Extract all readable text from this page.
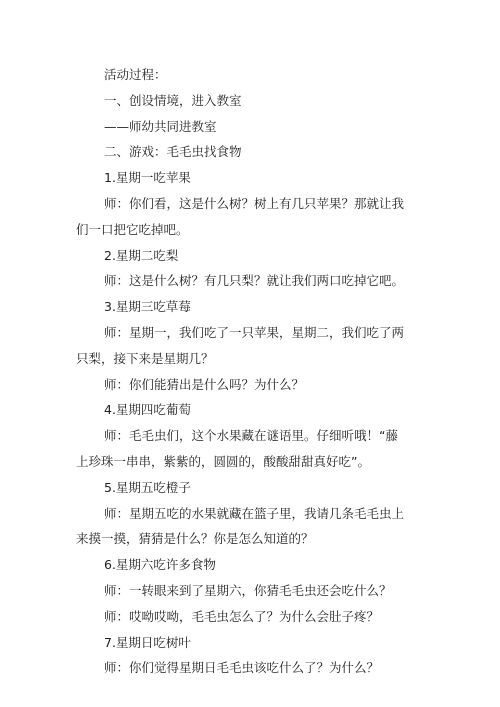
活动过程：
一、创设情境，进入教室
——师幼共同进教室
二、游戏：毛毛虫找食物
1.星期一吃苹果
师：你们看，这是什么树？树上有几只苹果？那就让我
们一口把它吃掉吧。
2.星期二吃梨
师：这是什么树？有几只梨？就让我们两口吃掉它吧。
3.星期三吃草莓
师：星期一，我们吃了一只苹果，星期二，我们吃了两
只梨，接下来是星期几？
师：你们能猜出是什么吗？为什么？
4.星期四吃葡萄
师：毛毛虫们，这个水果藏在谜语里。仔细听哦！“藤
上珍珠一串串，紫紫的，圆圆的，酸酸甜甜真好吃”。
5.星期五吃橙子
师：星期五吃的水果就藏在篮子里，我请几条毛毛虫上
来摸一摸，猜猜是什么？你是怎么知道的？
6.星期六吃许多食物
师：一转眼来到了星期六，你猜毛毛虫还会吃什么？
师：哎呦哎呦，毛毛虫怎么了？为什么会肚子疼？
7.星期日吃树叶
师：你们觉得星期日毛毛虫该吃什么了？为什么？
